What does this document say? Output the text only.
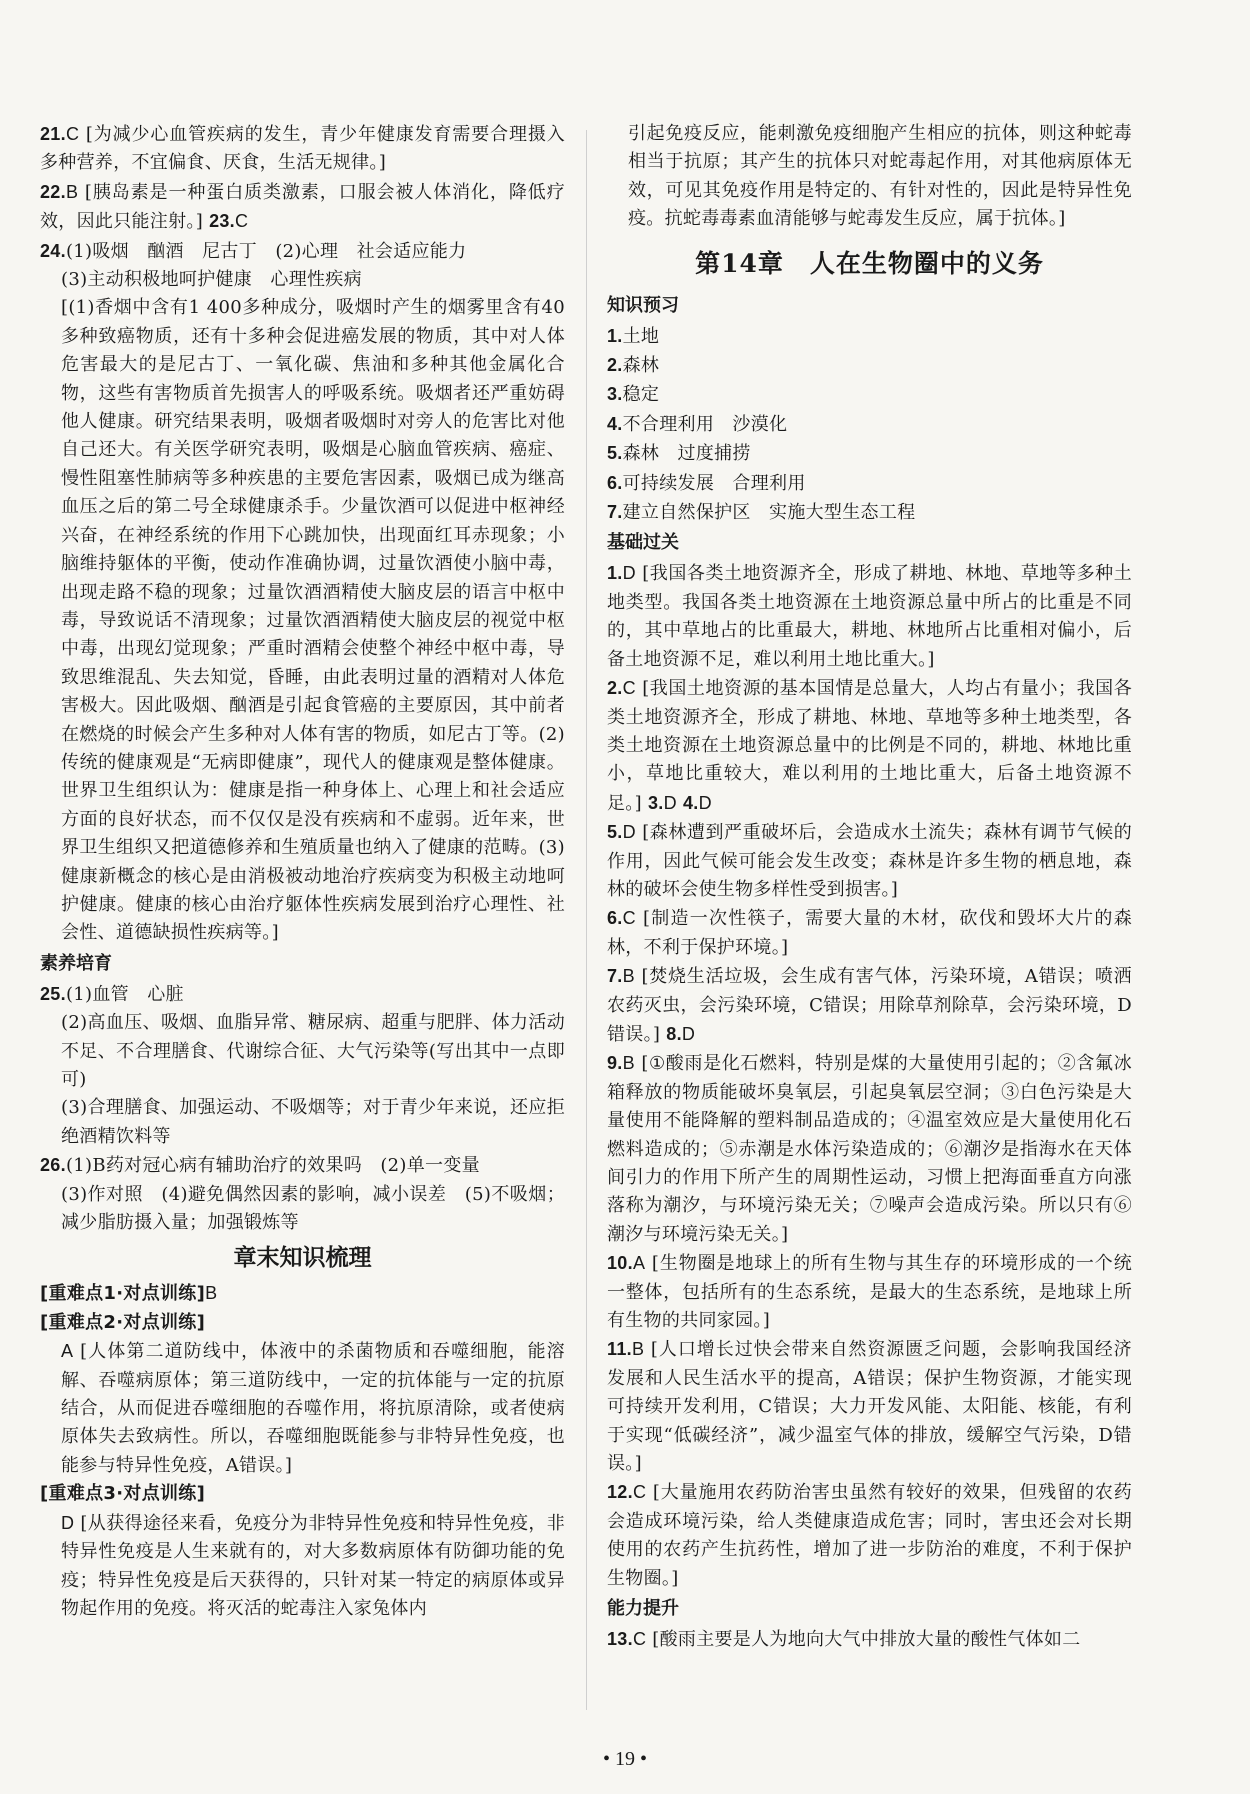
21.C [为减少心血管疾病的发生，青少年健康发育需要合理摄入多种营养，不宜偏食、厌食，生活无规律。]

22.B [胰岛素是一种蛋白质类激素，口服会被人体消化，降低疗效，因此只能注射。] 23.C

24.(1)吸烟　酗酒　尼古丁　(2)心理　社会适应能力

(3)主动积极地呵护健康　心理性疾病

[(1)香烟中含有1 400多种成分，吸烟时产生的烟雾里含有40多种致癌物质，还有十多种会促进癌发展的物质，其中对人体危害最大的是尼古丁、一氧化碳、焦油和多种其他金属化合物，这些有害物质首先损害人的呼吸系统。吸烟者还严重妨碍他人健康。研究结果表明，吸烟者吸烟时对旁人的危害比对他自己还大。有关医学研究表明，吸烟是心脑血管疾病、癌症、慢性阻塞性肺病等多种疾患的主要危害因素，吸烟已成为继高血压之后的第二号全球健康杀手。少量饮酒可以促进中枢神经兴奋，在神经系统的作用下心跳加快，出现面红耳赤现象；小脑维持躯体的平衡，使动作准确协调，过量饮酒使小脑中毒，出现走路不稳的现象；过量饮酒酒精使大脑皮层的语言中枢中毒，导致说话不清现象；过量饮酒酒精使大脑皮层的视觉中枢中毒，出现幻觉现象；严重时酒精会使整个神经中枢中毒，导致思维混乱、失去知觉，昏睡，由此表明过量的酒精对人体危害极大。因此吸烟、酗酒是引起食管癌的主要原因，其中前者在燃烧的时候会产生多种对人体有害的物质，如尼古丁等。(2)传统的健康观是“无病即健康”，现代人的健康观是整体健康。世界卫生组织认为：健康是指一种身体上、心理上和社会适应方面的良好状态，而不仅仅是没有疾病和不虚弱。近年来，世界卫生组织又把道德修养和生殖质量也纳入了健康的范畴。(3)健康新概念的核心是由消极被动地治疗疾病变为积极主动地呵护健康。健康的核心由治疗躯体性疾病发展到治疗心理性、社会性、道德缺损性疾病等。]

素养培育

25.(1)血管　心脏

(2)高血压、吸烟、血脂异常、糖尿病、超重与肥胖、体力活动不足、不合理膳食、代谢综合征、大气污染等(写出其中一点即可)

(3)合理膳食、加强运动、不吸烟等；对于青少年来说，还应拒绝酒精饮料等

26.(1)B药对冠心病有辅助治疗的效果吗　(2)单一变量

(3)作对照　(4)避免偶然因素的影响，减小误差　(5)不吸烟；减少脂肪摄入量；加强锻炼等

章末知识梳理

[重难点1·对点训练]B

[重难点2·对点训练]

A [人体第二道防线中，体液中的杀菌物质和吞噬细胞，能溶解、吞噬病原体；第三道防线中，一定的抗体能与一定的抗原结合，从而促进吞噬细胞的吞噬作用，将抗原清除，或者使病原体失去致病性。所以，吞噬细胞既能参与非特异性免疫，也能参与特异性免疫，A错误。]

[重难点3·对点训练]

D [从获得途径来看，免疫分为非特异性免疫和特异性免疫，非特异性免疫是人生来就有的，对大多数病原体有防御功能的免疫；特异性免疫是后天获得的，只针对某一特定的病原体或异物起作用的免疫。将灭活的蛇毒注入家兔体内

引起免疫反应，能刺激免疫细胞产生相应的抗体，则这种蛇毒相当于抗原；其产生的抗体只对蛇毒起作用，对其他病原体无效，可见其免疫作用是特定的、有针对性的，因此是特异性免疫。抗蛇毒毒素血清能够与蛇毒发生反应，属于抗体。]

第14章　人在生物圈中的义务
知识预习

1.土地

2.森林

3.稳定

4.不合理利用　沙漠化

5.森林　过度捕捞

6.可持续发展　合理利用

7.建立自然保护区　实施大型生态工程

基础过关

1.D [我国各类土地资源齐全，形成了耕地、林地、草地等多种土地类型。我国各类土地资源在土地资源总量中所占的比重是不同的，其中草地占的比重最大，耕地、林地所占比重相对偏小，后备土地资源不足，难以利用土地比重大。]

2.C [我国土地资源的基本国情是总量大，人均占有量小；我国各类土地资源齐全，形成了耕地、林地、草地等多种土地类型，各类土地资源在土地资源总量中的比例是不同的，耕地、林地比重小，草地比重较大，难以利用的土地比重大，后备土地资源不足。] 3.D 4.D

5.D [森林遭到严重破坏后，会造成水土流失；森林有调节气候的作用，因此气候可能会发生改变；森林是许多生物的栖息地，森林的破坏会使生物多样性受到损害。]

6.C [制造一次性筷子，需要大量的木材，砍伐和毁坏大片的森林，不利于保护环境。]

7.B [焚烧生活垃圾，会生成有害气体，污染环境，A错误；喷洒农药灭虫，会污染环境，C错误；用除草剂除草，会污染环境，D错误。] 8.D

9.B [①酸雨是化石燃料，特别是煤的大量使用引起的；②含氟冰箱释放的物质能破坏臭氧层，引起臭氧层空洞；③白色污染是大量使用不能降解的塑料制品造成的；④温室效应是大量使用化石燃料造成的；⑤赤潮是水体污染造成的；⑥潮汐是指海水在天体间引力的作用下所产生的周期性运动，习惯上把海面垂直方向涨落称为潮汐，与环境污染无关；⑦噪声会造成污染。所以只有⑥潮汐与环境污染无关。]

10.A [生物圈是地球上的所有生物与其生存的环境形成的一个统一整体，包括所有的生态系统，是最大的生态系统，是地球上所有生物的共同家园。]

11.B [人口增长过快会带来自然资源匮乏问题，会影响我国经济发展和人民生活水平的提高，A错误；保护生物资源，才能实现可持续开发利用，C错误；大力开发风能、太阳能、核能，有利于实现“低碳经济”，减少温室气体的排放，缓解空气污染，D错误。]

12.C [大量施用农药防治害虫虽然有较好的效果，但残留的农药会造成环境污染，给人类健康造成危害；同时，害虫还会对长期使用的农药产生抗药性，增加了进一步防治的难度，不利于保护生物圈。]

能力提升

13.C [酸雨主要是人为地向大气中排放大量的酸性气体如二

• 19 •
